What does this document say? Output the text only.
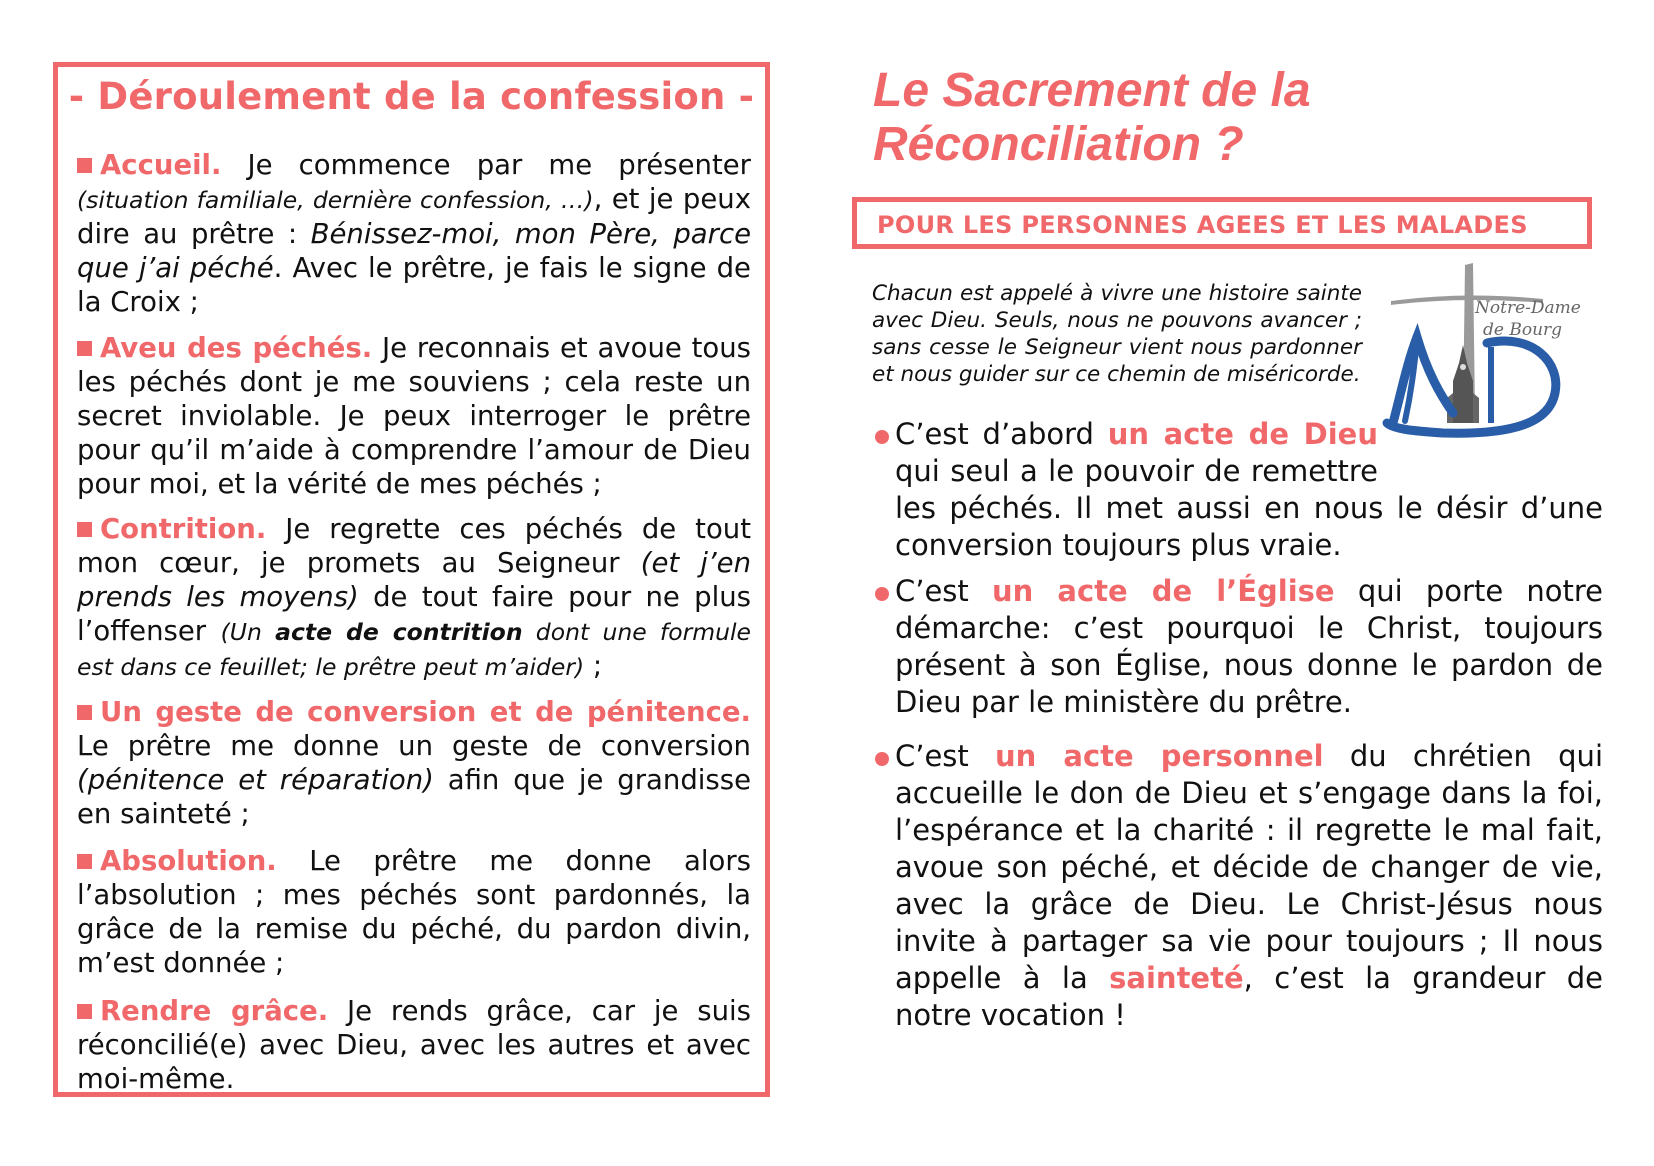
- Déroulement de la confession -
Accueil. Je commence par me présenter (situation familiale, dernière confession, …), et je peux dire au prêtre : Bénissez-moi, mon Père, parce que j’ai péché. Avec le prêtre, je fais le signe de la Croix ;
Aveu des péchés. Je reconnais et avoue tous les péchés dont je me souviens ; cela reste un secret inviolable. Je peux interroger le prêtre pour qu’il m’aide à comprendre l’amour de Dieu pour moi, et la vérité de mes péchés ;
Contrition. Je regrette ces péchés de tout mon cœur, je promets au Seigneur (et j’en prends les moyens) de tout faire pour ne plus l’offenser (Un acte de contrition dont une formule est dans ce feuillet; le prêtre peut m’aider) ;
Un geste de conversion et de pénitence. Le prêtre me donne un geste de conversion (pénitence et réparation) afin que je grandisse en sainteté ;
Absolution. Le prêtre me donne alors l’absolution ; mes péchés sont pardonnés, la grâce de la remise du péché, du pardon divin, m’est donnée ;
Rendre grâce. Je rends grâce, car je suis réconcilié(e) avec Dieu, avec les autres et avec moi-même.
Le Sacrement de la
Réconciliation ?
POUR LES PERSONNES AGEES ET LES MALADES
Chacun est appelé à vivre une histoire sainte avec Dieu. Seuls, nous ne pouvons avancer ; sans cesse le Seigneur vient nous pardonner et nous guider sur ce chemin de miséricorde.
Notre-Dame
de Bourg
C’est d’abord un acte de Dieu qui seul a le pouvoir de remettre les péchés. Il met aussi en nous le désir d’une conversion toujours plus vraie.
C’est un acte de l’Église qui porte notre démarche: c’est pourquoi le Christ, toujours présent à son Église, nous donne le pardon de Dieu par le ministère du prêtre.
C’est un acte personnel du chrétien qui accueille le don de Dieu et s’engage dans la foi, l’espérance et la charité : il regrette le mal fait, avoue son péché, et décide de changer de vie, avec la grâce de Dieu. Le Christ-Jésus nous invite à partager sa vie pour toujours ; Il nous appelle à la sainteté, c’est la grandeur de notre vocation !
